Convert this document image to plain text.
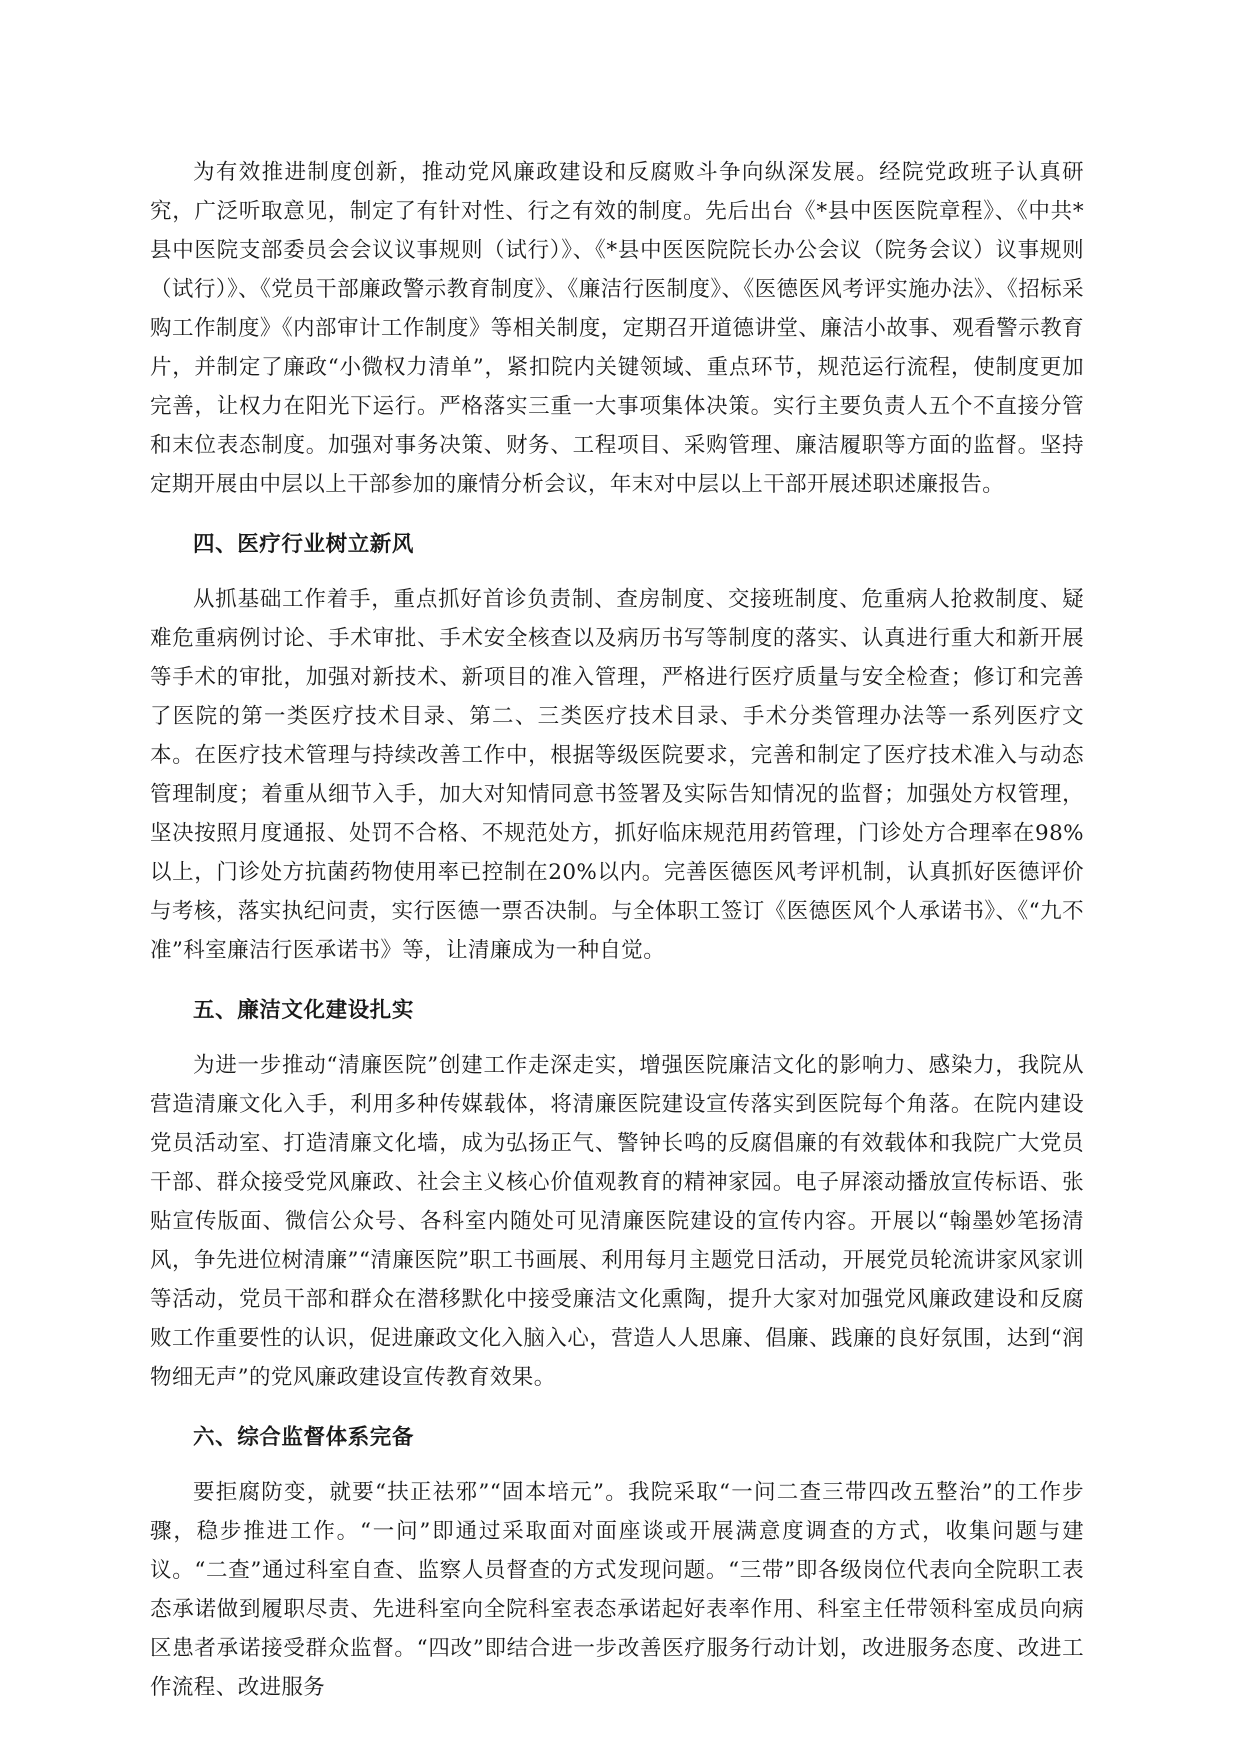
为有效推进制度创新，推动党风廉政建设和反腐败斗争向纵深发展。经院党政班子认真研究，广泛听取意见，制定了有针对性、行之有效的制度。先后出台《*县中医医院章程》、《中共*县中医院支部委员会会议议事规则（试行）》、《*县中医医院院长办公会议（院务会议）议事规则（试行）》、《党员干部廉政警示教育制度》、《廉洁行医制度》、《医德医风考评实施办法》、《招标采购工作制度》《内部审计工作制度》等相关制度，定期召开道德讲堂、廉洁小故事、观看警示教育片，并制定了廉政“小微权力清单”，紧扣院内关键领域、重点环节，规范运行流程，使制度更加完善，让权力在阳光下运行。严格落实三重一大事项集体决策。实行主要负责人五个不直接分管和末位表态制度。加强对事务决策、财务、工程项目、采购管理、廉洁履职等方面的监督。坚持定期开展由中层以上干部参加的廉情分析会议，年末对中层以上干部开展述职述廉报告。

四、医疗行业树立新风

从抓基础工作着手，重点抓好首诊负责制、查房制度、交接班制度、危重病人抢救制度、疑难危重病例讨论、手术审批、手术安全核查以及病历书写等制度的落实、认真进行重大和新开展等手术的审批，加强对新技术、新项目的准入管理，严格进行医疗质量与安全检查；修订和完善了医院的第一类医疗技术目录、第二、三类医疗技术目录、手术分类管理办法等一系列医疗文本。在医疗技术管理与持续改善工作中，根据等级医院要求，完善和制定了医疗技术准入与动态管理制度；着重从细节入手，加大对知情同意书签署及实际告知情况的监督；加强处方权管理，坚决按照月度通报、处罚不合格、不规范处方，抓好临床规范用药管理，门诊处方合理率在98%以上，门诊处方抗菌药物使用率已控制在20%以内。完善医德医风考评机制，认真抓好医德评价与考核，落实执纪问责，实行医德一票否决制。与全体职工签订《医德医风个人承诺书》、《“九不准”科室廉洁行医承诺书》等，让清廉成为一种自觉。

五、廉洁文化建设扎实

为进一步推动“清廉医院”创建工作走深走实，增强医院廉洁文化的影响力、感染力，我院从营造清廉文化入手，利用多种传媒载体，将清廉医院建设宣传落实到医院每个角落。在院内建设党员活动室、打造清廉文化墙，成为弘扬正气、警钟长鸣的反腐倡廉的有效载体和我院广大党员干部、群众接受党风廉政、社会主义核心价值观教育的精神家园。电子屏滚动播放宣传标语、张贴宣传版面、微信公众号、各科室内随处可见清廉医院建设的宣传内容。开展以“翰墨妙笔扬清风，争先进位树清廉”“清廉医院”职工书画展、利用每月主题党日活动，开展党员轮流讲家风家训等活动，党员干部和群众在潜移默化中接受廉洁文化熏陶，提升大家对加强党风廉政建设和反腐败工作重要性的认识，促进廉政文化入脑入心，营造人人思廉、倡廉、践廉的良好氛围，达到“润物细无声”的党风廉政建设宣传教育效果。

六、综合监督体系完备

要拒腐防变，就要“扶正祛邪”“固本培元”。我院采取“一问二查三带四改五整治”的工作步骤，稳步推进工作。“一问”即通过采取面对面座谈或开展满意度调查的方式，收集问题与建议。“二查”通过科室自查、监察人员督查的方式发现问题。“三带”即各级岗位代表向全院职工表态承诺做到履职尽责、先进科室向全院科室表态承诺起好表率作用、科室主任带领科室成员向病区患者承诺接受群众监督。“四改”即结合进一步改善医疗服务行动计划，改进服务态度、改进工作流程、改进服务
